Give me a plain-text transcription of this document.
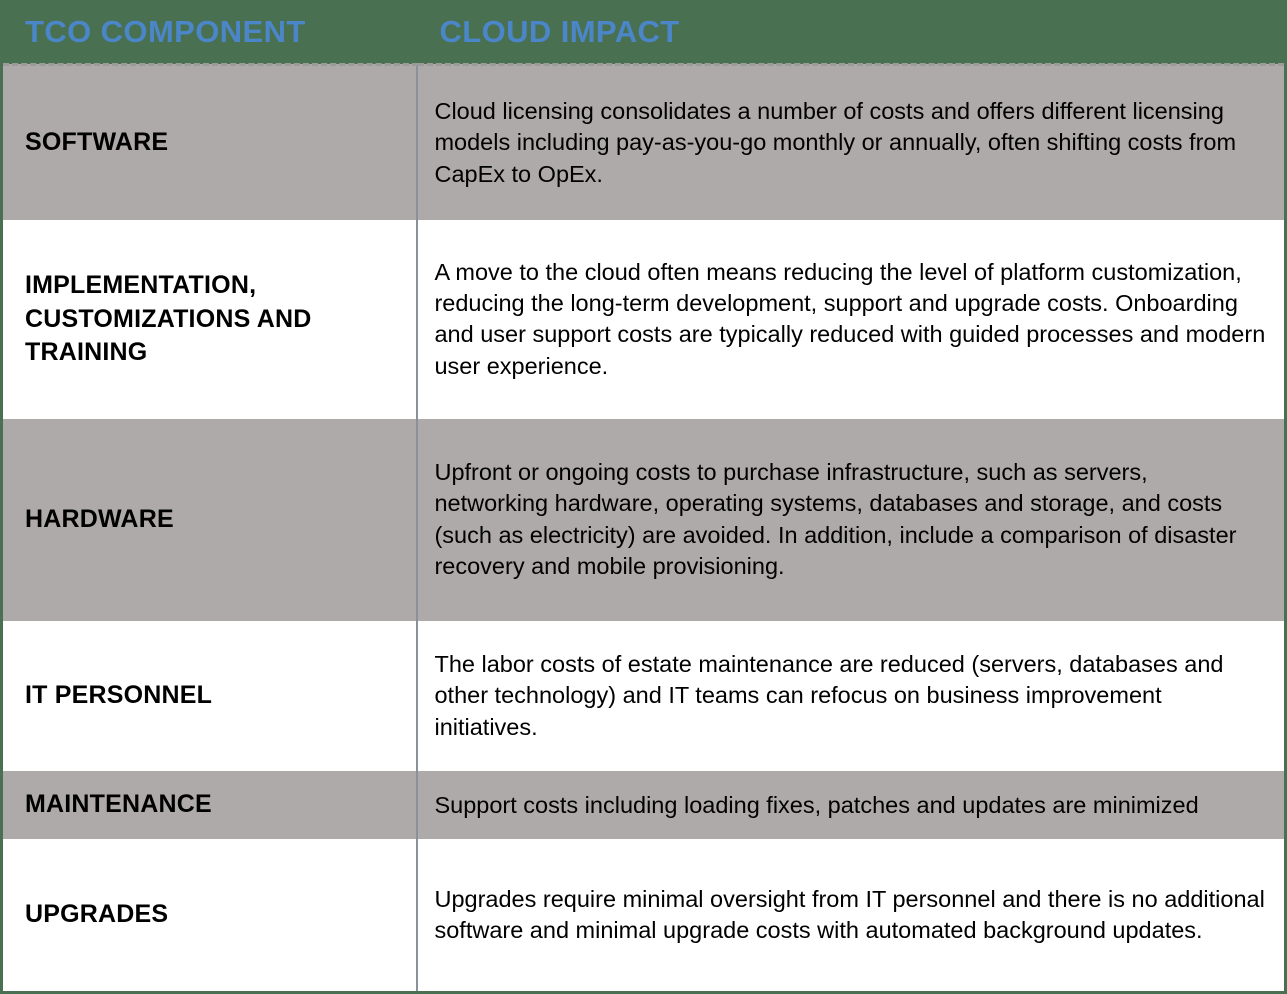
TCO COMPONENT	CLOUD IMPACT

SOFTWARE	Cloud licensing consolidates a number of costs and offers different licensing models including pay-as-you-go monthly or annually, often shifting costs from CapEx to OpEx.

IMPLEMENTATION, CUSTOMIZATIONS AND TRAINING	A move to the cloud often means reducing the level of platform customization, reducing the long-term development, support and upgrade costs. Onboarding and user support costs are typically reduced with guided processes and modern user experience.

HARDWARE	Upfront or ongoing costs to purchase infrastructure, such as servers, networking hardware, operating systems, databases and storage, and costs (such as electricity) are avoided. In addition, include a comparison of disaster recovery and mobile provisioning.

IT PERSONNEL	The labor costs of estate maintenance are reduced (servers, databases and other technology) and IT teams can refocus on business improvement initiatives.

MAINTENANCE	Support costs including loading fixes, patches and updates are minimized

UPGRADES	Upgrades require minimal oversight from IT personnel and there is no additional software and minimal upgrade costs with automated background updates.
